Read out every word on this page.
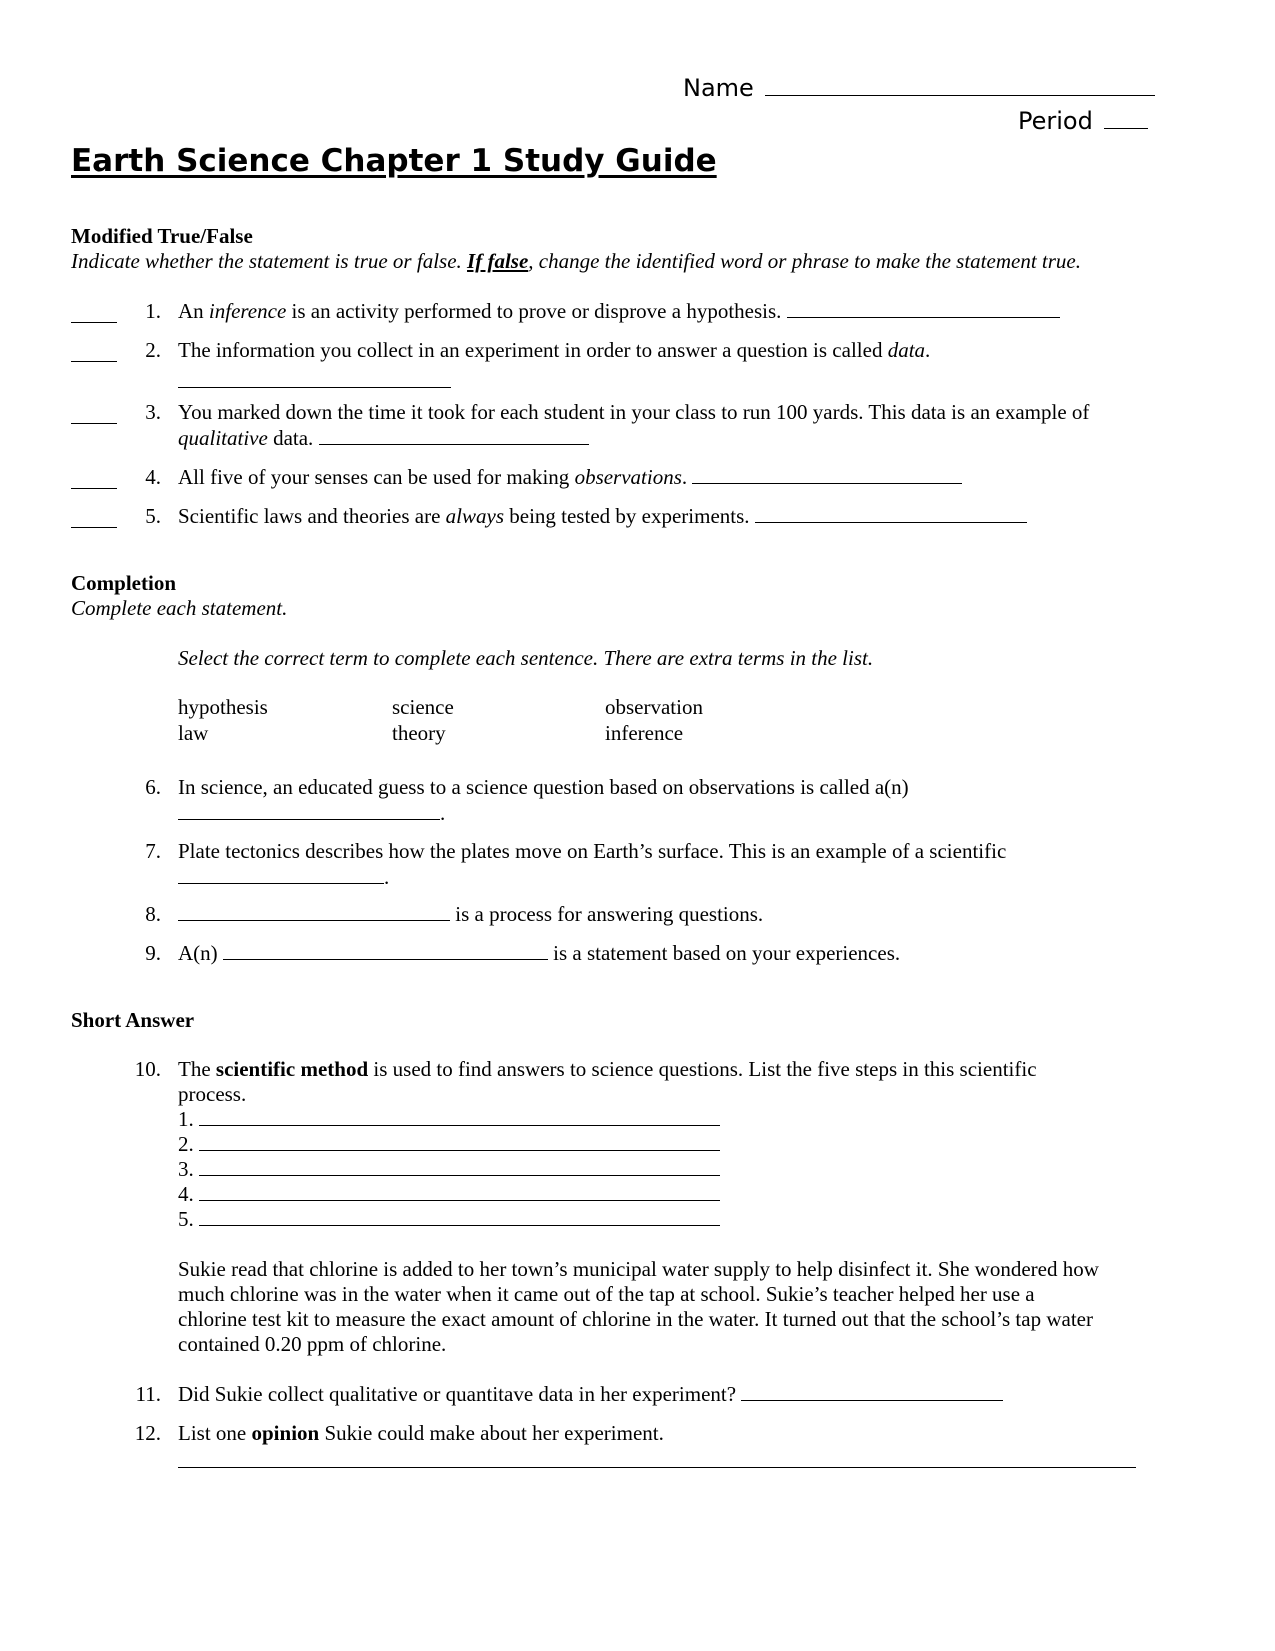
Name
Period
Earth Science Chapter 1 Study Guide
Modified True/False
Indicate whether the statement is true or false. If false, change the identified word or phrase to make the statement true.
1. An inference is an activity performed to prove or disprove a hypothesis.
2. The information you collect in an experiment in order to answer a question is called data.
3. You marked down the time it took for each student in your class to run 100 yards. This data is an example of
qualitative data.
4. All five of your senses can be used for making observations.
5. Scientific laws and theories are always being tested by experiments.
Completion
Complete each statement.
Select the correct term to complete each sentence. There are extra terms in the list.
hypothesis	science	observation
law	theory	inference
6. In science, an educated guess to a science question based on observations is called a(n)
.
7. Plate tectonics describes how the plates move on Earth’s surface. This is an example of a scientific
.
8.	is a process for answering questions.
9. A(n)	is a statement based on your experiences.
Short Answer
10. The scientific method is used to find answers to science questions. List the five steps in this scientific
process.
1.
2.
3.
4.
5.
Sukie read that chlorine is added to her town’s municipal water supply to help disinfect it. She wondered how
much chlorine was in the water when it came out of the tap at school. Sukie’s teacher helped her use a
chlorine test kit to measure the exact amount of chlorine in the water. It turned out that the school’s tap water
contained 0.20 ppm of chlorine.
11. Did Sukie collect qualitative or quantitave data in her experiment?
12. List one opinion Sukie could make about her experiment.
